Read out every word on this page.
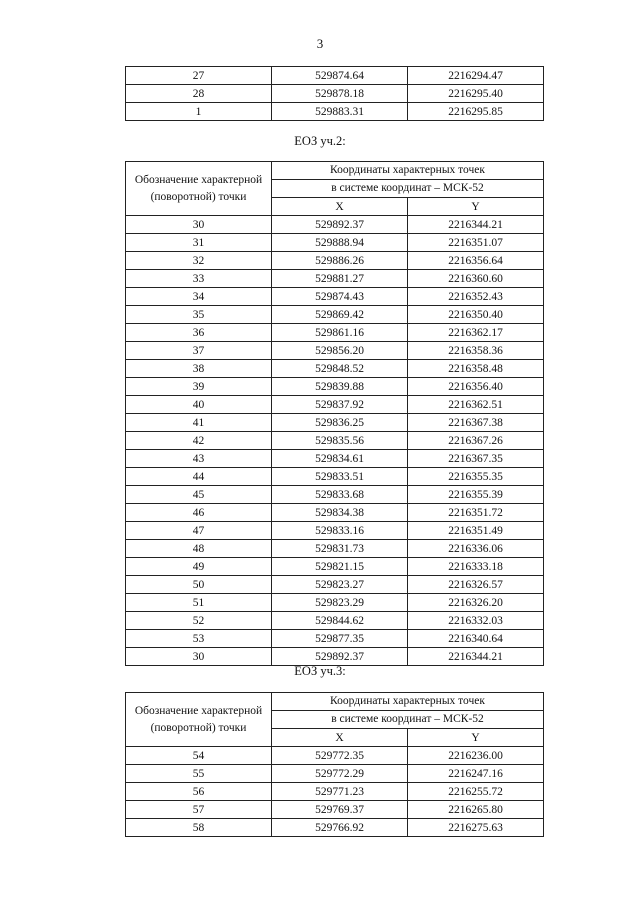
3
27	529874.64	2216294.47
28	529878.18	2216295.40
1	529883.31	2216295.85
ЕОЗ уч.2:
Обозначение характерной (поворотной) точки	Координаты характерных точек	
	в системе координат – МСК-52	
	X	Y
30	529892.37	2216344.21
31	529888.94	2216351.07
32	529886.26	2216356.64
33	529881.27	2216360.60
34	529874.43	2216352.43
35	529869.42	2216350.40
36	529861.16	2216362.17
37	529856.20	2216358.36
38	529848.52	2216358.48
39	529839.88	2216356.40
40	529837.92	2216362.51
41	529836.25	2216367.38
42	529835.56	2216367.26
43	529834.61	2216367.35
44	529833.51	2216355.35
45	529833.68	2216355.39
46	529834.38	2216351.72
47	529833.16	2216351.49
48	529831.73	2216336.06
49	529821.15	2216333.18
50	529823.27	2216326.57
51	529823.29	2216326.20
52	529844.62	2216332.03
53	529877.35	2216340.64
30	529892.37	2216344.21
ЕОЗ уч.3:
Обозначение характерной (поворотной) точки	Координаты характерных точек	
	в системе координат – МСК-52	
	X	Y
54	529772.35	2216236.00
55	529772.29	2216247.16
56	529771.23	2216255.72
57	529769.37	2216265.80
58	529766.92	2216275.63
